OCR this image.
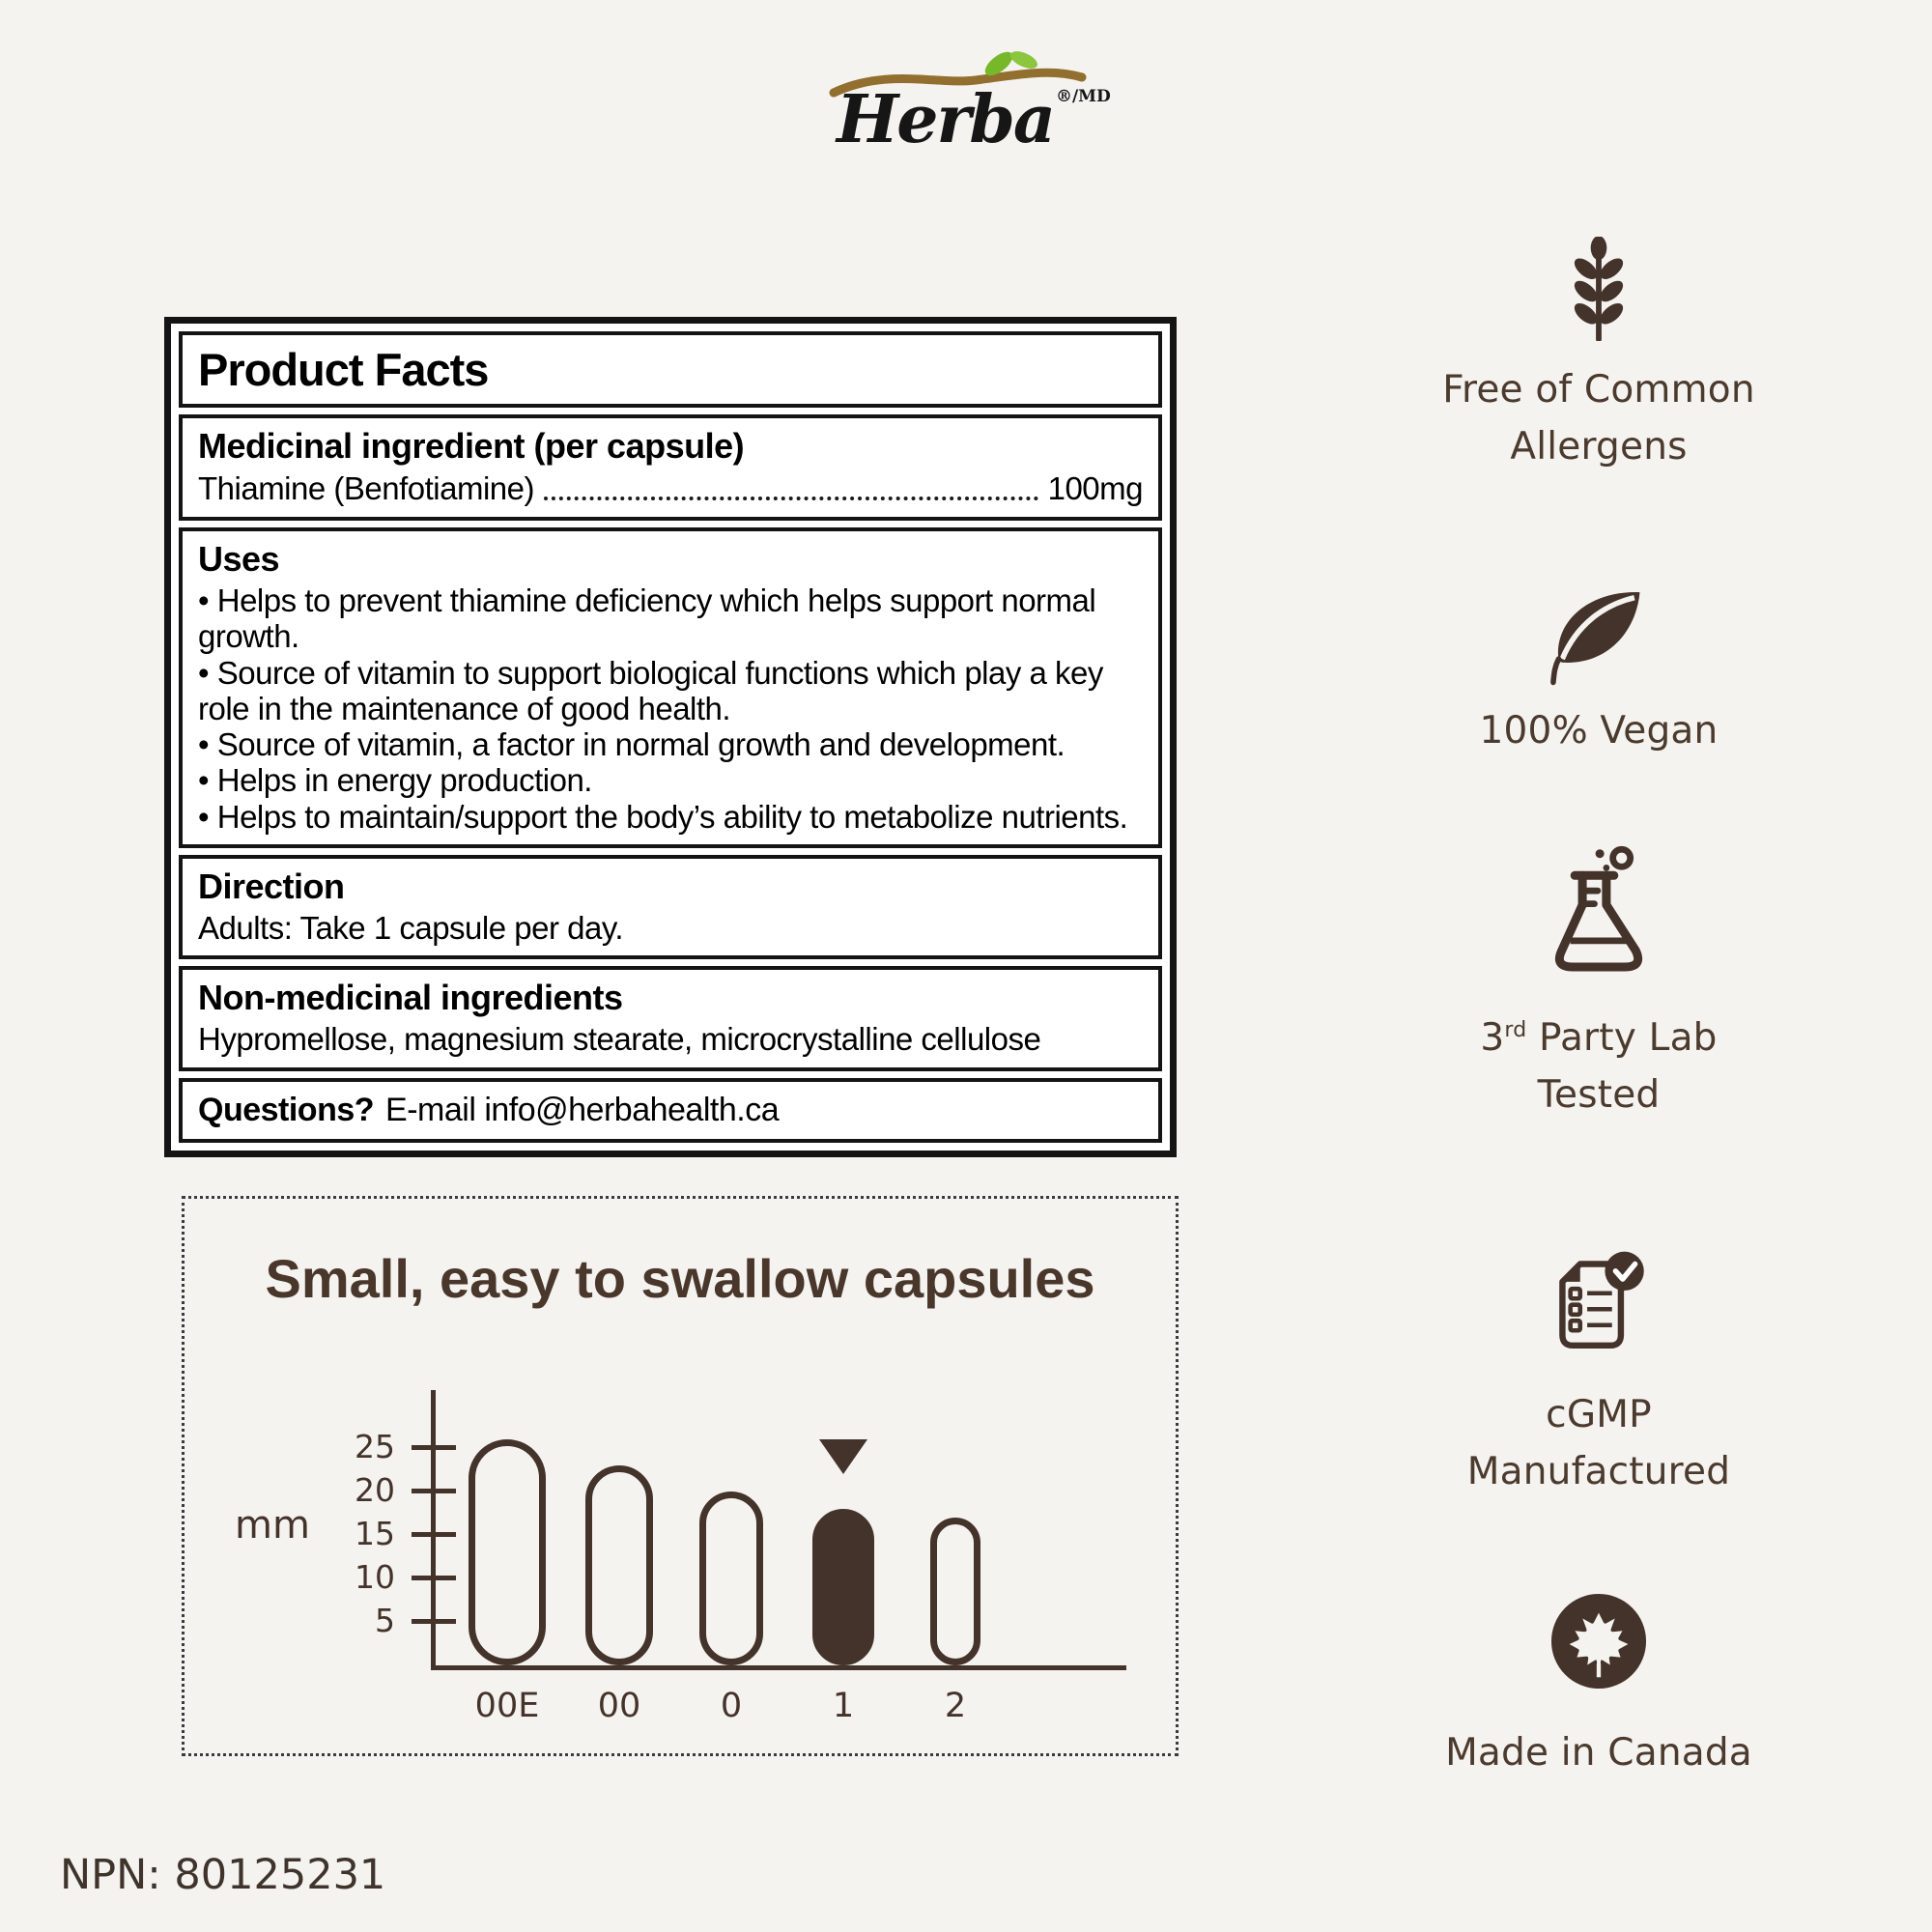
Herba $^{®/MD}$
Product Facts
Medicinal ingredient (per capsule)
Thiamine (Benfotiamine)	100mg
Uses
• Helps to prevent thiamine deficiency which helps support normal growth.
• Source of vitamin to support biological functions which play a key role in the maintenance of good health.
• Source of vitamin, a factor in normal growth and development.
• Helps in energy production.
• Helps to maintain/support the body’s ability to metabolize nutrients.
Direction
Adults: Take 1 capsule per day.
Non-medicinal ingredients
Hypromellose, magnesium stearate, microcrystalline cellulose
Questions? E-mail info@herbahealth.ca
Small, easy to swallow capsules
mm
5
10
15
20
25
00E	00	0	1	2
Free of Common Allergens
100% Vegan
3rd Party Lab Tested
cGMP Manufactured
Made in Canada
NPN: 80125231
